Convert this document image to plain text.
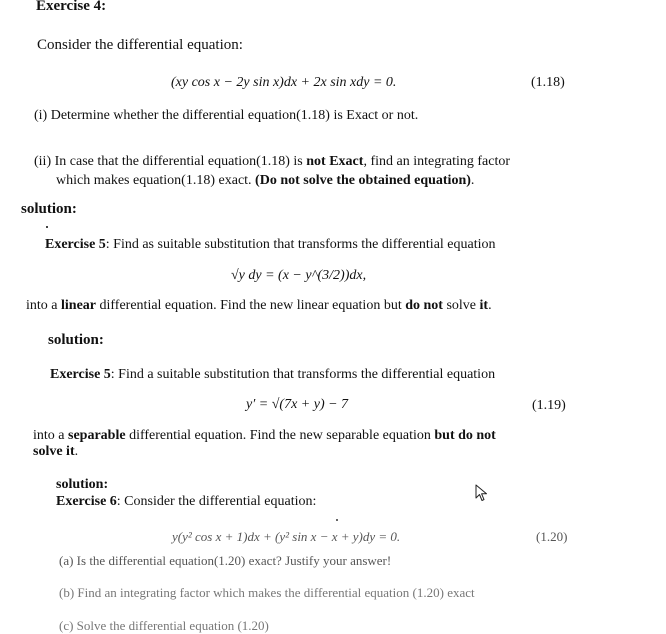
Exercise 4:
Consider the differential equation:
(xy cos x − 2y sin x)dx + 2x sin xdy = 0.	(1.18)
(i) Determine whether the differential equation(1.18) is Exact or not.
(ii) In case that the differential equation(1.18) is not Exact, find an integrating factor
which makes equation(1.18) exact. (Do not solve the obtained equation).
solution:
Exercise 5: Find as suitable substitution that transforms the differential equation
√y dy = (x − y^(3/2))dx,
into a linear differential equation. Find the new linear equation but do not solve it.
solution:
Exercise 5: Find a suitable substitution that transforms the differential equation
y′ = √(7x + y) − 7	(1.19)
into a separable differential equation. Find the new separable equation but do not
solve it.
solution:
Exercise 6: Consider the differential equation:
y(y² cos x + 1)dx + (y² sin x − x + y)dy = 0.	(1.20)
(a) Is the differential equation(1.20) exact? Justify your answer!
(b) Find an integrating factor which makes the differential equation (1.20) exact
(c) Solve the differential equation (1.20)
